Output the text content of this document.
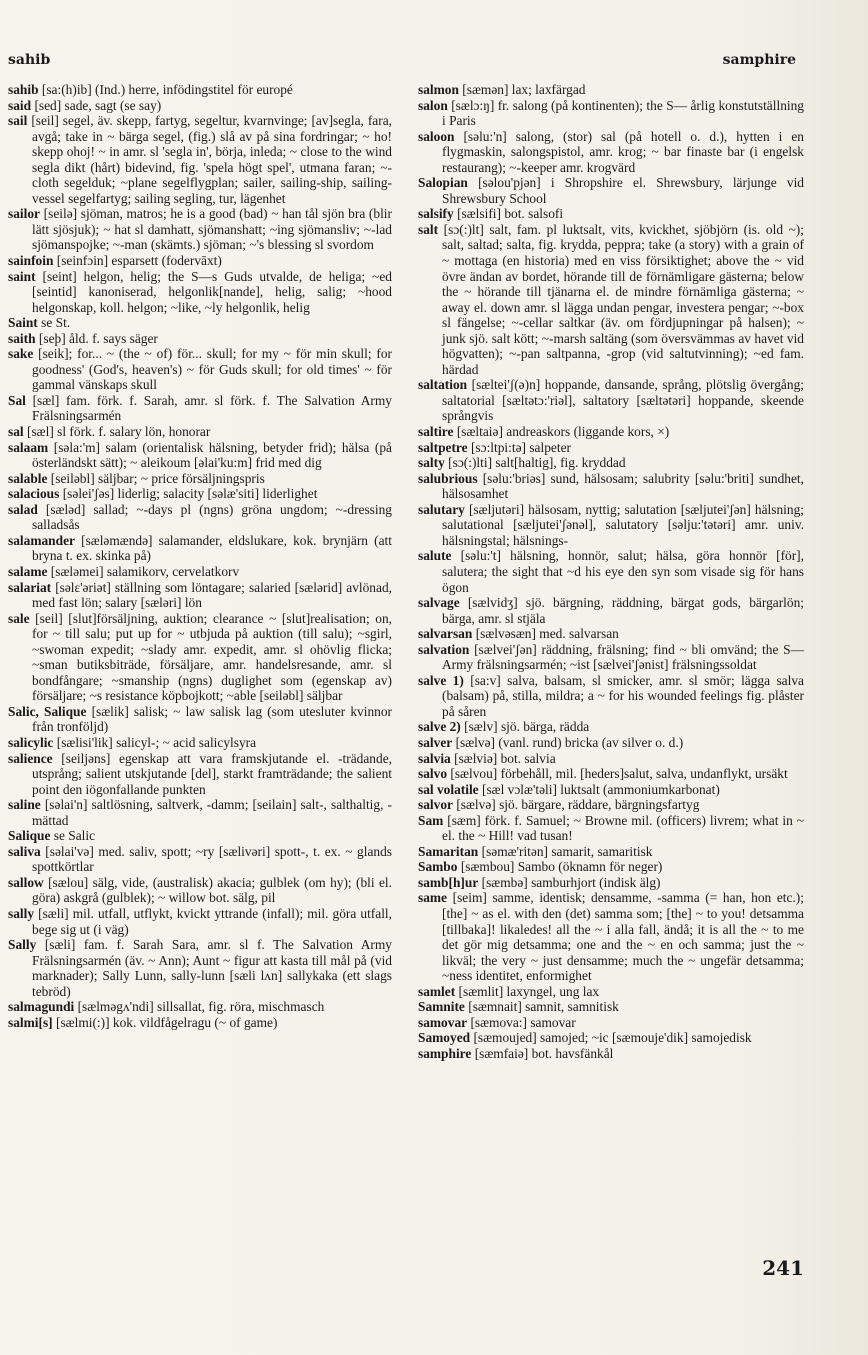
sahib	samphire

sahib [sa:(h)ib] (Ind.) herre, infödingstitel för europé

said [sed] sade, sagt (se say)

sail [seil] segel, äv. skepp, fartyg, segeltur, kvarnvinge; [av]segla, fara, avgå; take in ~ bärga segel, (fig.) slå av på sina fordringar; ~ ho! skepp ohoj! ~ in amr. sl 'segla in', börja, inleda; ~ close to the wind segla dikt (hårt) bidevind, fig. 'spela högt spel', utmana faran; ~-cloth segelduk; ~plane segelflygplan; sailer, sailing-ship, sailing-vessel segelfartyg; sailing segling, tur, lägenhet

sailor [seilə] sjöman, matros; he is a good (bad) ~ han tål sjön bra (blir lätt sjösjuk); ~ hat sl damhatt, sjömanshatt; ~ing sjömansliv; ~-lad sjömanspojke; ~-man (skämts.) sjöman; ~'s blessing sl svordom

sainfoin [seinfɔin] esparsett (fodervāxt)

saint [seint] helgon, helig; the S—s Guds utvalde, de heliga; ~ed [seintid] kanoniserad, helgonlik[nande], helig, salig; ~hood helgonskap, koll. helgon; ~like, ~ly helgonlik, helig

Saint se St.

saith [seþ] åld. f. says säger

sake [seik]; for... ~ (the ~ of) för... skull; for my ~ för min skull; for goodness' (God's, heaven's) ~ för Guds skull; for old times' ~ för gammal vänskaps skull

Sal [sæl] fam. förk. f. Sarah, amr. sl förk. f. The Salvation Army Frälsningsarmén

sal [sæl] sl förk. f. salary lön, honorar

salaam [səla:'m] salam (orientalisk hälsning, betyder frid); hälsa (på österländskt sätt); ~ aleikoum [əlai'ku:m] frid med dig

salable [seiləbl] säljbar; ~ price försäljningspris

salacious [səlei'ʃəs] liderlig; salacity [səlæ'siti] liderlighet

salad [sæləd] sallad; ~-days pl (ngns) gröna ungdom; ~-dressing salladsås

salamander [sæləmændə] salamander, eldslukare, kok. brynjärn (att bryna t. ex. skinka på)

salame [sæləmei] salamikorv, cervelatkorv

salariat [səlɛ'əriət] ställning som löntagare; salaried [sælərid] avlönad, med fast lön; salary [sæləri] lön

sale [seil] [slut]försäljning, auktion; clearance ~ [slut]realisation; on, for ~ till salu; put up for ~ utbjuda på auktion (till salu); ~sgirl, ~swoman expedit; ~slady amr. expedit, amr. sl ohövlig flicka; ~sman butiksbiträde, försäljare, amr. handelsresande, amr. sl bondfångare; ~smanship (ngns) duglighet som (egenskap av) försäljare; ~s resistance köpbojkott; ~able [seiləbl] säljbar

Salic, Salique [sælik] salisk; ~ law salisk lag (som utesluter kvinnor från tronföljd)

salicylic [sælisi'lik] salicyl-; ~ acid salicylsyra

salience [seiljəns] egenskap att vara framskjutande el. -trädande, utsprång; salient utskjutande [del], starkt framträdande; the salient point den iögonfallande punkten

saline [səlai'n] saltlösning, saltverk, -damm; [seilain] salt-, salthaltig, -mättad

Salique se Salic

saliva [səlai'və] med. saliv, spott; ~ry [sælivəri] spott-, t. ex. ~ glands spottkörtlar

sallow [sælou] sälg, vide, (australisk) akacia; gulblek (om hy); (bli el. göra) askgrå (gulblek); ~ willow bot. sälg, pil

sally [sæli] mil. utfall, utflykt, kvickt yttrande (infall); mil. göra utfall, bege sig ut (i väg)

Sally [sæli] fam. f. Sarah Sara, amr. sl f. The Salvation Army Frälsningsarmén (äv. ~ Ann); Aunt ~ figur att kasta till mål på (vid marknader); Sally Lunn, sally-lunn [sæli lʌn] sallykaka (ett slags tebröd)

salmagundi [sælməgʌ'ndi] sillsallat, fig. röra, mischmasch

salmi[s] [sælmi(:)] kok. vildfågelragu (~ of game)

salmon [sæmən] lax; laxfärgad

salon [sælɔ:ŋ] fr. salong (på kontinenten); the S— årlig konstutställning i Paris

saloon [səlu:'n] salong, (stor) sal (på hotell o. d.), hytten i en flygmaskin, salongspistol, amr. krog; ~ bar finaste bar (i engelsk restaurang); ~-keeper amr. krogvärd

Salopian [səlou'pjən] i Shropshire el. Shrewsbury, lärjunge vid Shrewsbury School

salsify [sælsifi] bot. salsofi

salt [sɔ(:)lt] salt, fam. pl luktsalt, vits, kvickhet, sjöbjörn (is. old ~); salt, saltad; salta, fig. krydda, peppra; take (a story) with a grain of ~ mottaga (en historia) med en viss försiktighet; above the ~ vid övre ändan av bordet, hörande till de förnämligare gästerna; below the ~ hörande till tjänarna el. de mindre förnämliga gästerna; ~ away el. down amr. sl lägga undan pengar, investera pengar; ~-box sl fängelse; ~-cellar saltkar (äv. om fördjupningar på halsen); ~ junk sjö. salt kött; ~-marsh saltäng (som översvämmas av havet vid högvatten); ~-pan saltpanna, -grop (vid saltutvinning); ~ed fam. härdad

saltation [sæltei'ʃ(ə)n] hoppande, dansande, språng, plötslig övergång; saltatorial [sæltətɔ:'riəl], saltatory [sæltətəri] hoppande, skeende språngvis

saltire [sæltaiə] andreaskors (liggande kors, ×)

saltpetre [sɔ:ltpi:tə] salpeter

salty [sɔ(:)lti] salt[haltig], fig. kryddad

salubrious [səlu:'briəs] sund, hälsosam; salubrity [səlu:'briti] sundhet, hälsosamhet

salutary [sæljutəri] hälsosam, nyttig; salutation [sæljutei'ʃən] hälsning; salutational [sæljutei'ʃənəl], salutatory [səlju:'tətəri] amr. univ. hälsningstal; hälsnings-

salute [səlu:'t] hälsning, honnör, salut; hälsa, göra honnör [för], salutera; the sight that ~d his eye den syn som visade sig för hans ögon

salvage [sælvidʒ] sjö. bärgning, räddning, bärgat gods, bärgarlön; bärga, amr. sl stjäla

salvarsan [sælvəsæn] med. salvarsan

salvation [sælvei'ʃən] räddning, frälsning; find ~ bli omvänd; the S— Army frälsningsarmén; ~ist [sælvei'ʃənist] frälsningssoldat

salve 1) [sa:v] salva, balsam, sl smicker, amr. sl smör; lägga salva (balsam) på, stilla, mildra; a ~ for his wounded feelings fig. plåster på såren

salve 2) [sælv] sjö. bärga, rädda

salver [sælvə] (vanl. rund) bricka (av silver o. d.)

salvia [sælviə] bot. salvia

salvo [sælvou] förbehåll, mil. [heders]salut, salva, undanflykt, ursäkt

sal volatile [sæl vɔlæ'təli] luktsalt (ammoniumkarbonat)

salvor [sælvə] sjö. bärgare, räddare, bärgningsfartyg

Sam [sæm] förk. f. Samuel; ~ Browne mil. (officers) livrem; what in ~ el. the ~ Hill! vad tusan!

Samaritan [səmæ'ritən] samarit, samaritisk

Sambo [sæmbou] Sambo (öknamn för neger)

samb[h]ur [sæmbə] samburhjort (indisk älg)

same [seim] samme, identisk; densamme, -samma (= han, hon etc.); [the] ~ as el. with den (det) samma som; [the] ~ to you! detsamma [tillbaka]! likaledes! all the ~ i alla fall, ändå; it is all the ~ to me det gör mig detsamma; one and the ~ en och samma; just the ~ likväl; the very ~ just densamme; much the ~ ungefär detsamma; ~ness identitet, enformighet

samlet [sæmlit] laxyngel, ung lax

Samnite [sæmnait] samnit, samnitisk

samovar [sæmova:] samovar

Samoyed [sæmoujed] samojed; ~ic [sæmouje'dik] samojedisk

samphire [sæmfaiə] bot. havsfänkål

241
